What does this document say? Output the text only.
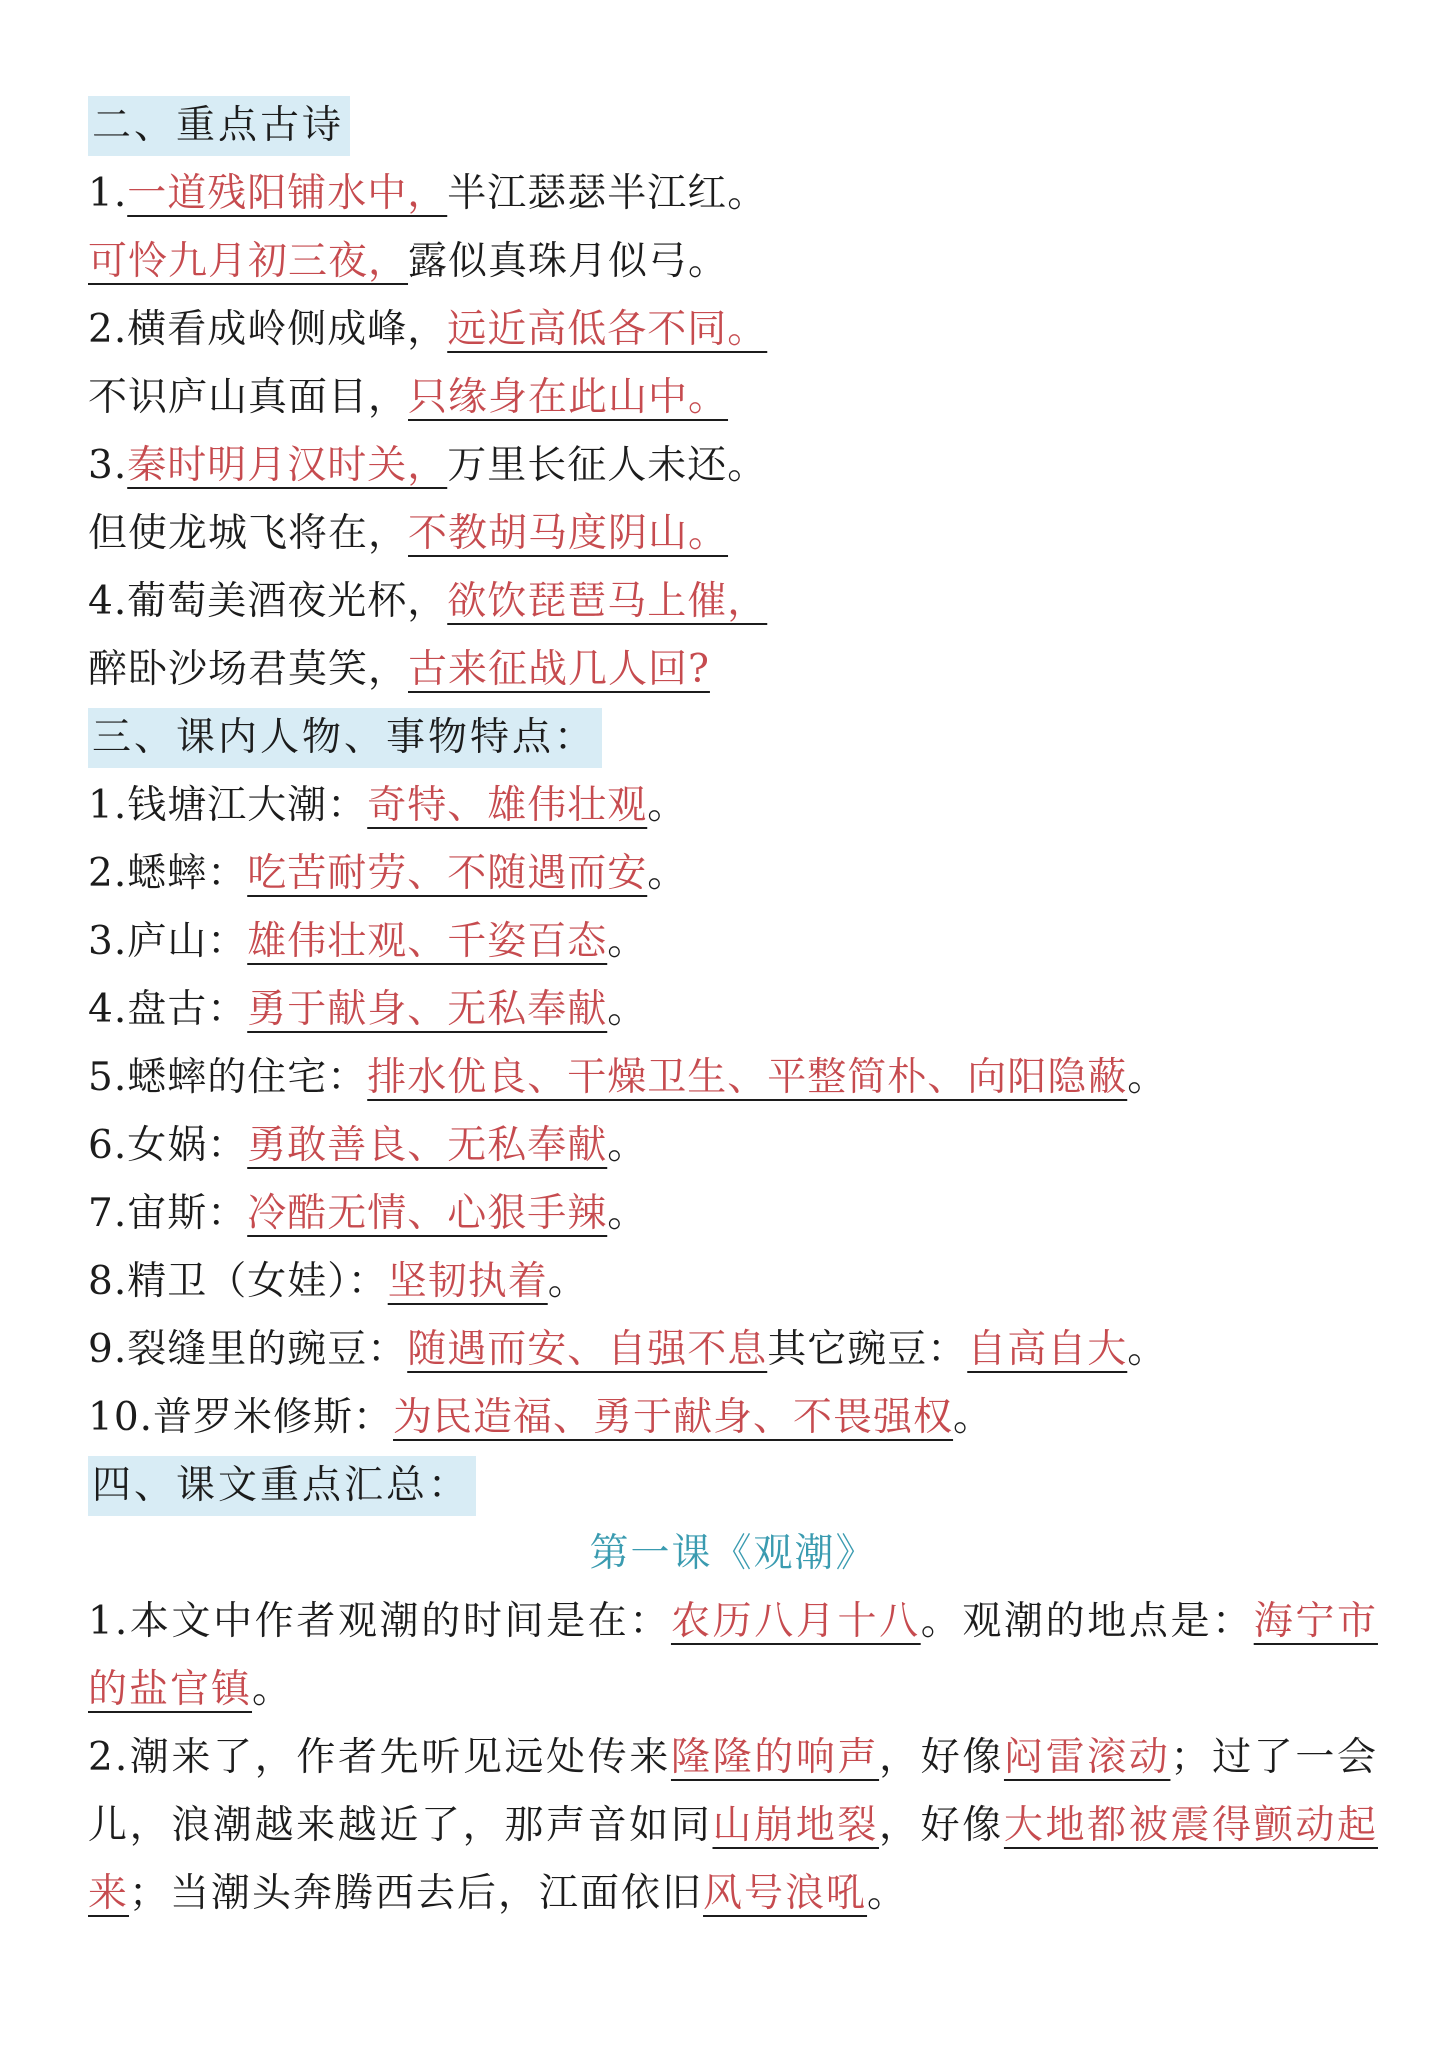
二、重点古诗
1.一道残阳铺水中，半江瑟瑟半江红。
可怜九月初三夜，露似真珠月似弓。
2.横看成岭侧成峰，远近高低各不同。
不识庐山真面目，只缘身在此山中。
3.秦时明月汉时关，万里长征人未还。
但使龙城飞将在，不教胡马度阴山。
4.葡萄美酒夜光杯，欲饮琵琶马上催，
醉卧沙场君莫笑，古来征战几人回?
三、课内人物、事物特点：
1.钱塘江大潮：奇特、雄伟壮观。
2.蟋蟀：吃苦耐劳、不随遇而安。
3.庐山：雄伟壮观、千姿百态。
4.盘古：勇于献身、无私奉献。
5.蟋蟀的住宅：排水优良、干燥卫生、平整简朴、向阳隐蔽。
6.女娲：勇敢善良、无私奉献。
7.宙斯：冷酷无情、心狠手辣。
8.精卫（女娃）：坚韧执着。
9.裂缝里的豌豆：随遇而安、自强不息其它豌豆：自高自大。
10.普罗米修斯：为民造福、勇于献身、不畏强权。
四、课文重点汇总：
第一课《观潮》
1.本文中作者观潮的时间是在：农历八月十八。观潮的地点是：海宁市的盐官镇。
2.潮来了，作者先听见远处传来隆隆的响声，好像闷雷滚动；过了一会儿，浪潮越来越近了，那声音如同山崩地裂，好像大地都被震得颤动起来；当潮头奔腾西去后，江面依旧风号浪吼。
